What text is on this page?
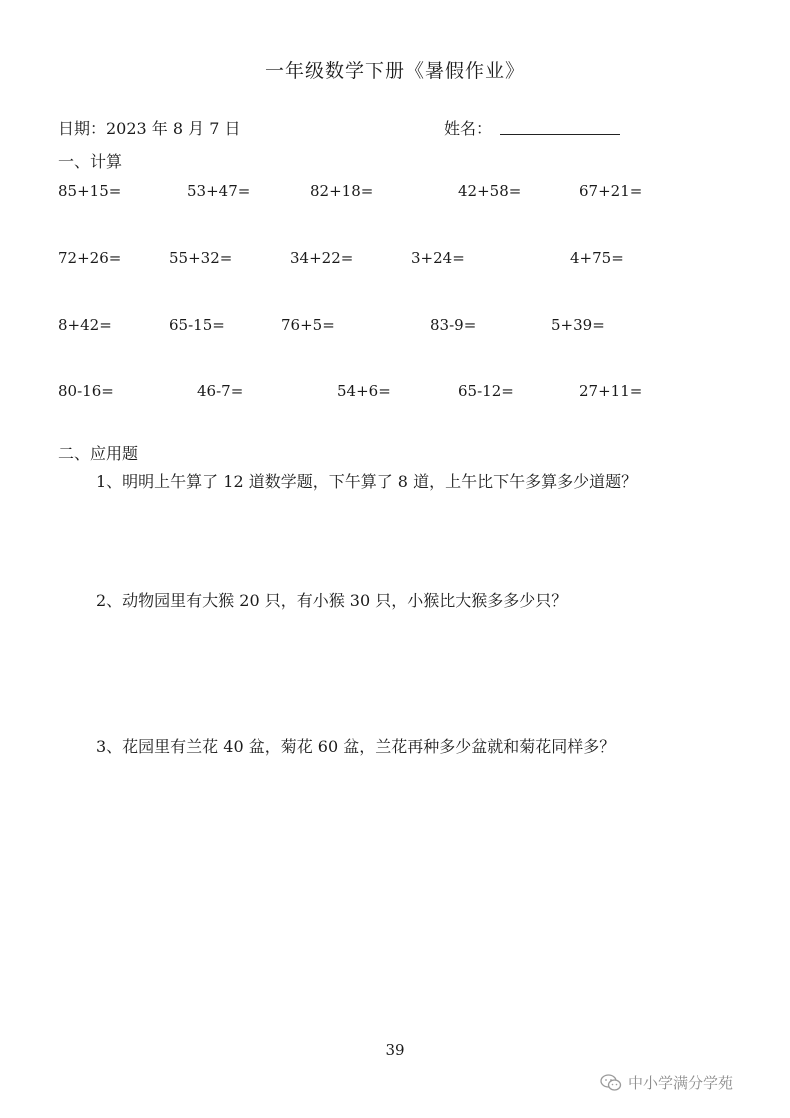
一年级数学下册《暑假作业》
日期：2023 年 8 月 7 日	姓名：
一、计算
85+15=	53+47=	82+18=	42+58=	67+21=
72+26=	55+32=	34+22=	3+24=	4+75=
8+42=	65-15=	76+5=	83-9=	5+39=
80-16=	46-7=	54+6=	65-12=	27+11=
二、应用题
1、明明上午算了 12 道数学题，下午算了 8 道，上午比下午多算多少道题？
2、动物园里有大猴 20 只，有小猴 30 只，小猴比大猴多多少只？
3、花园里有兰花 40 盆，菊花 60 盆，兰花再种多少盆就和菊花同样多？
39
中小学满分学苑
